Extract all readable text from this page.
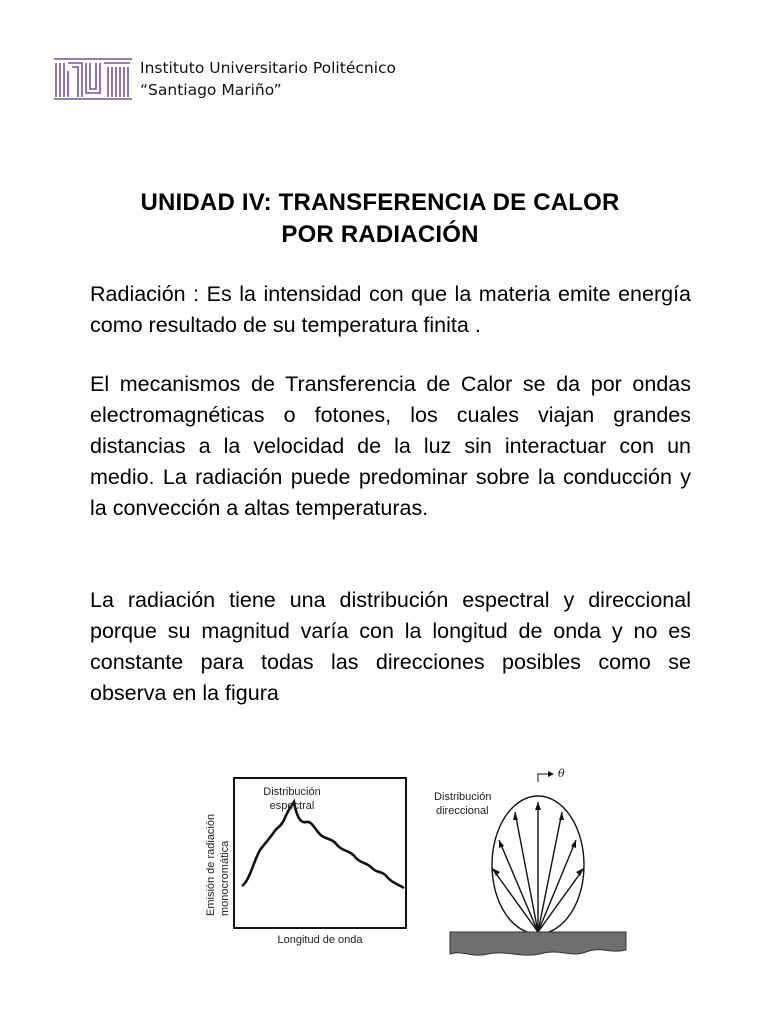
Instituto Universitario Politécnico
“Santiago Mariño”
UNIDAD IV: TRANSFERENCIA DE CALOR
POR RADIACIÓN
Radiación : Es la intensidad con que la materia emite energía como resultado de su temperatura finita .
El mecanismos de Transferencia de Calor se da por ondas electromagnéticas o fotones, los cuales viajan grandes distancias a la velocidad de la luz sin interactuar con un medio. La radiación puede predominar sobre la conducción y la convección a altas temperaturas.
La radiación tiene una distribución espectral y direccional porque su magnitud varía con la longitud de onda y no es constante para todas las direcciones posibles como se observa en la figura
Distribución
espectral
Longitud de onda
Emisión de radiación monocromática
Distribución
direccional
θ
